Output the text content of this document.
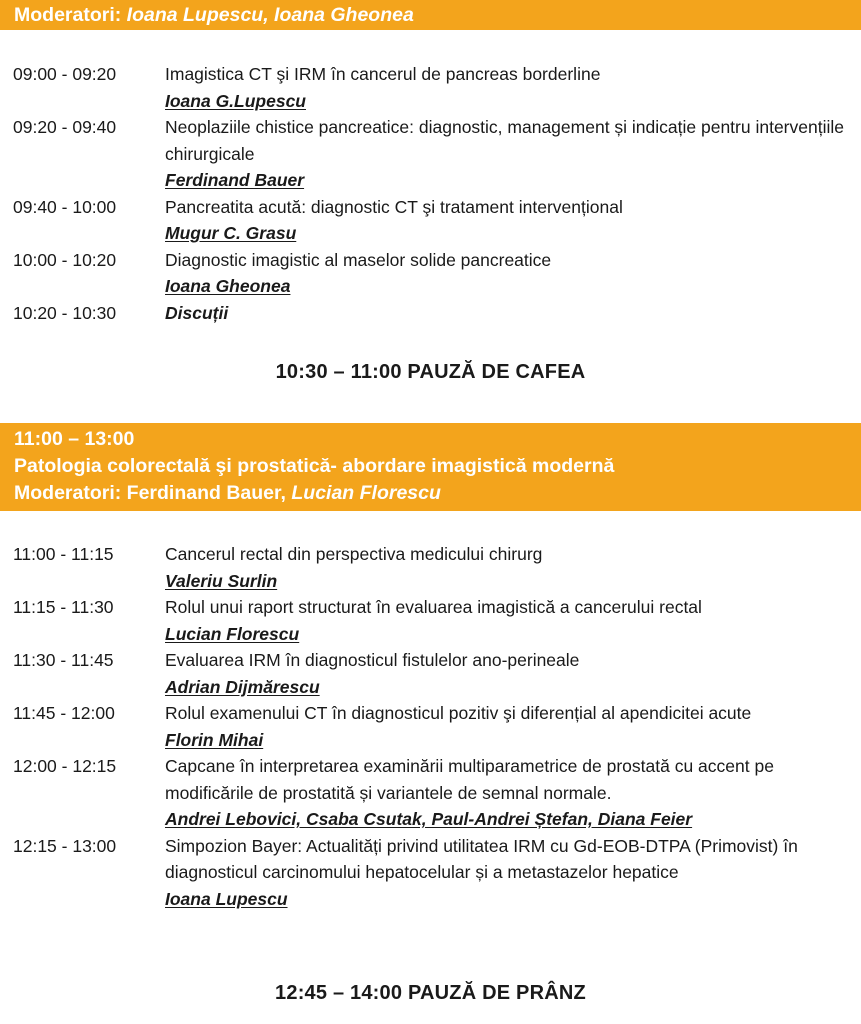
Moderatori: Ioana Lupescu, Ioana Gheonea
09:00 - 09:20	Imagistica CT şi IRM în cancerul de pancreas borderline
Ioana G.Lupescu
09:20 - 09:40	Neoplaziile chistice pancreatice: diagnostic, management și indicație pentru intervențiile chirurgicale
Ferdinand Bauer
09:40 - 10:00	Pancreatita acută: diagnostic CT şi tratament intervențional
Mugur C. Grasu
10:00 - 10:20	Diagnostic imagistic al maselor solide pancreatice
Ioana Gheonea
10:20 - 10:30	Discuții
10:30 – 11:00 PAUZĂ DE CAFEA
11:00 – 13:00
Patologia colorectală şi prostatică- abordare imagistică modernă
Moderatori: Ferdinand Bauer, Lucian Florescu
11:00 - 11:15	Cancerul rectal din perspectiva medicului chirurg
Valeriu Surlin
11:15 - 11:30	Rolul unui raport structurat în evaluarea imagistică a cancerului rectal
Lucian Florescu
11:30 - 11:45	Evaluarea IRM în diagnosticul fistulelor ano-perineale
Adrian Dijmărescu
11:45 - 12:00	Rolul examenului CT în diagnosticul pozitiv şi diferențial al apendicitei acute
Florin Mihai
12:00 - 12:15	Capcane în interpretarea examinării multiparametrice de prostată cu accent pe modificările de prostatită și variantele de semnal normale.
Andrei Lebovici, Csaba Csutak, Paul-Andrei Ștefan, Diana Feier
12:15 - 13:00	Simpozion Bayer: Actualități privind utilitatea IRM cu Gd-EOB-DTPA (Primovist) în diagnosticul carcinomului hepatocelular și a metastazelor hepatice
Ioana Lupescu
12:45 – 14:00 PAUZĂ DE PRÂNZ
